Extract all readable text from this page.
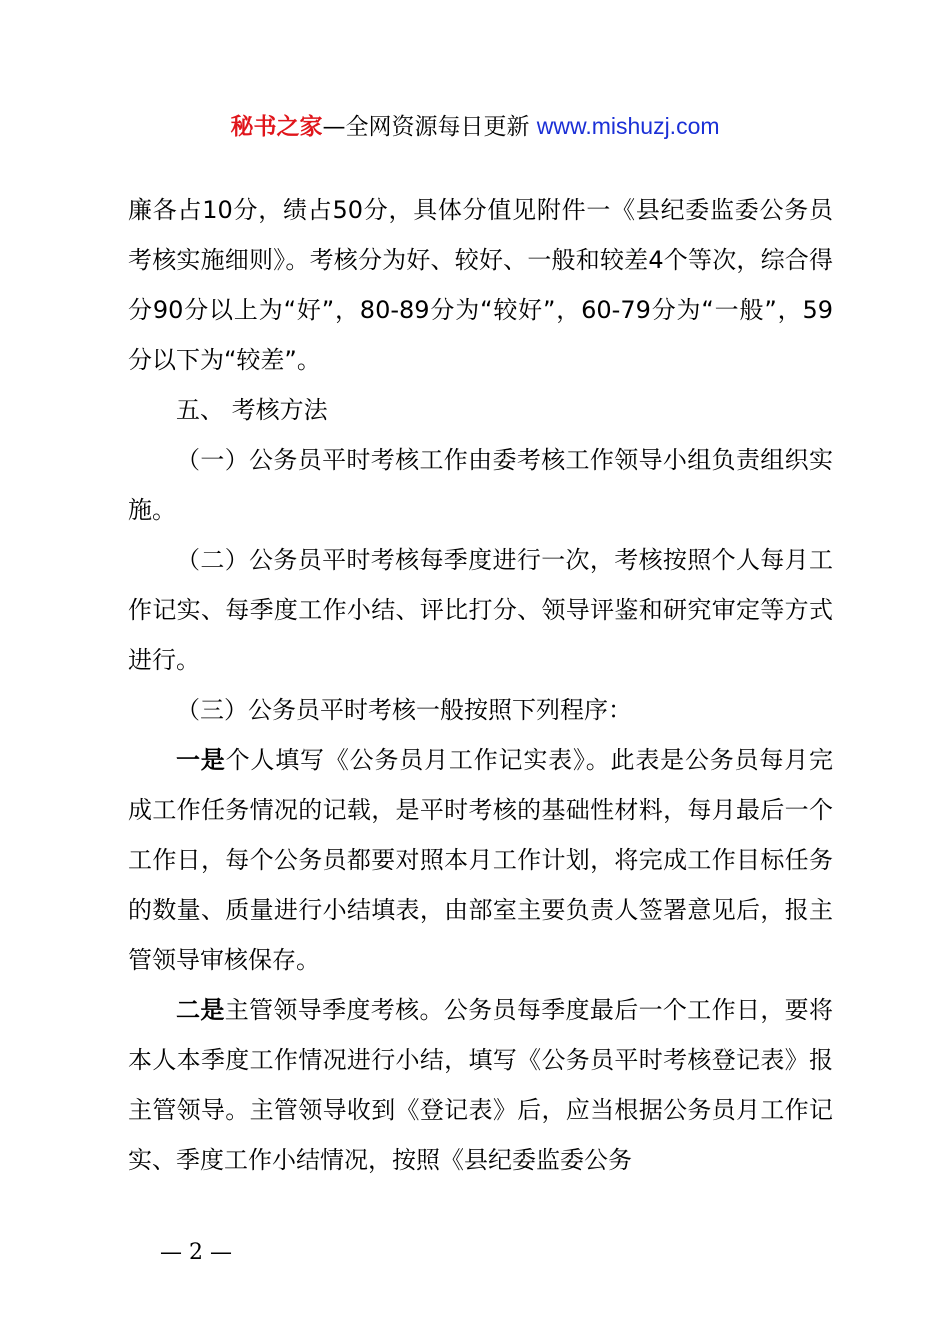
秘书之家—全网资源每日更新 www.mishuzj.com

廉各占10分，绩占50分，具体分值见附件一《县纪委监委公务员考核实施细则》。考核分为好、较好、一般和较差4个等次，综合得分90分以上为“好”，80-89分为“较好”，60-79分为“一般”，59分以下为“较差”。

五、 考核方法

（一）公务员平时考核工作由委考核工作领导小组负责组织实施。

（二）公务员平时考核每季度进行一次，考核按照个人每月工作记实、每季度工作小结、评比打分、领导评鉴和研究审定等方式进行。

（三）公务员平时考核一般按照下列程序：

一是个人填写《公务员月工作记实表》。此表是公务员每月完成工作任务情况的记载，是平时考核的基础性材料，每月最后一个工作日，每个公务员都要对照本月工作计划，将完成工作目标任务的数量、质量进行小结填表，由部室主要负责人签署意见后，报主管领导审核保存。

二是主管领导季度考核。公务员每季度最后一个工作日，要将本人本季度工作情况进行小结，填写《公务员平时考核登记表》报主管领导。主管领导收到《登记表》后，应当根据公务员月工作记实、季度工作小结情况，按照《县纪委监委公务

— 2 —
